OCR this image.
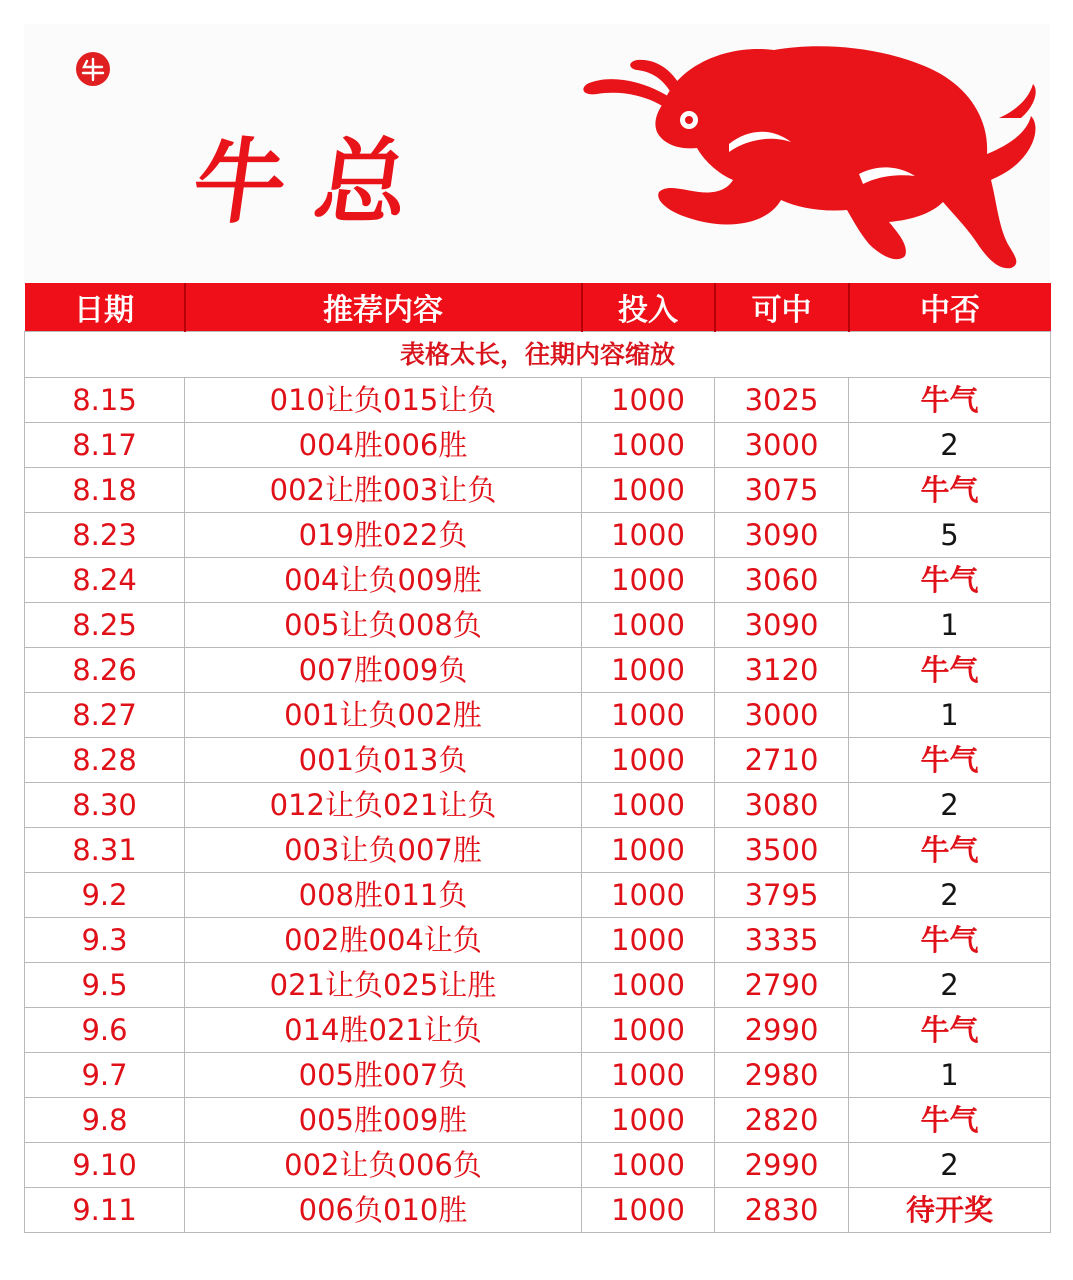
牛总
日期	推荐内容	投入	可中	中否
表格太长，往期内容缩放				
8.15	010让负015让负	1000	3025	牛气
8.17	004胜006胜	1000	3000	2
8.18	002让胜003让负	1000	3075	牛气
8.23	019胜022负	1000	3090	5
8.24	004让负009胜	1000	3060	牛气
8.25	005让负008负	1000	3090	1
8.26	007胜009负	1000	3120	牛气
8.27	001让负002胜	1000	3000	1
8.28	001负013负	1000	2710	牛气
8.30	012让负021让负	1000	3080	2
8.31	003让负007胜	1000	3500	牛气
9.2	008胜011负	1000	3795	2
9.3	002胜004让负	1000	3335	牛气
9.5	021让负025让胜	1000	2790	2
9.6	014胜021让负	1000	2990	牛气
9.7	005胜007负	1000	2980	1
9.8	005胜009胜	1000	2820	牛气
9.10	002让负006负	1000	2990	2
9.11	006负010胜	1000	2830	待开奖
